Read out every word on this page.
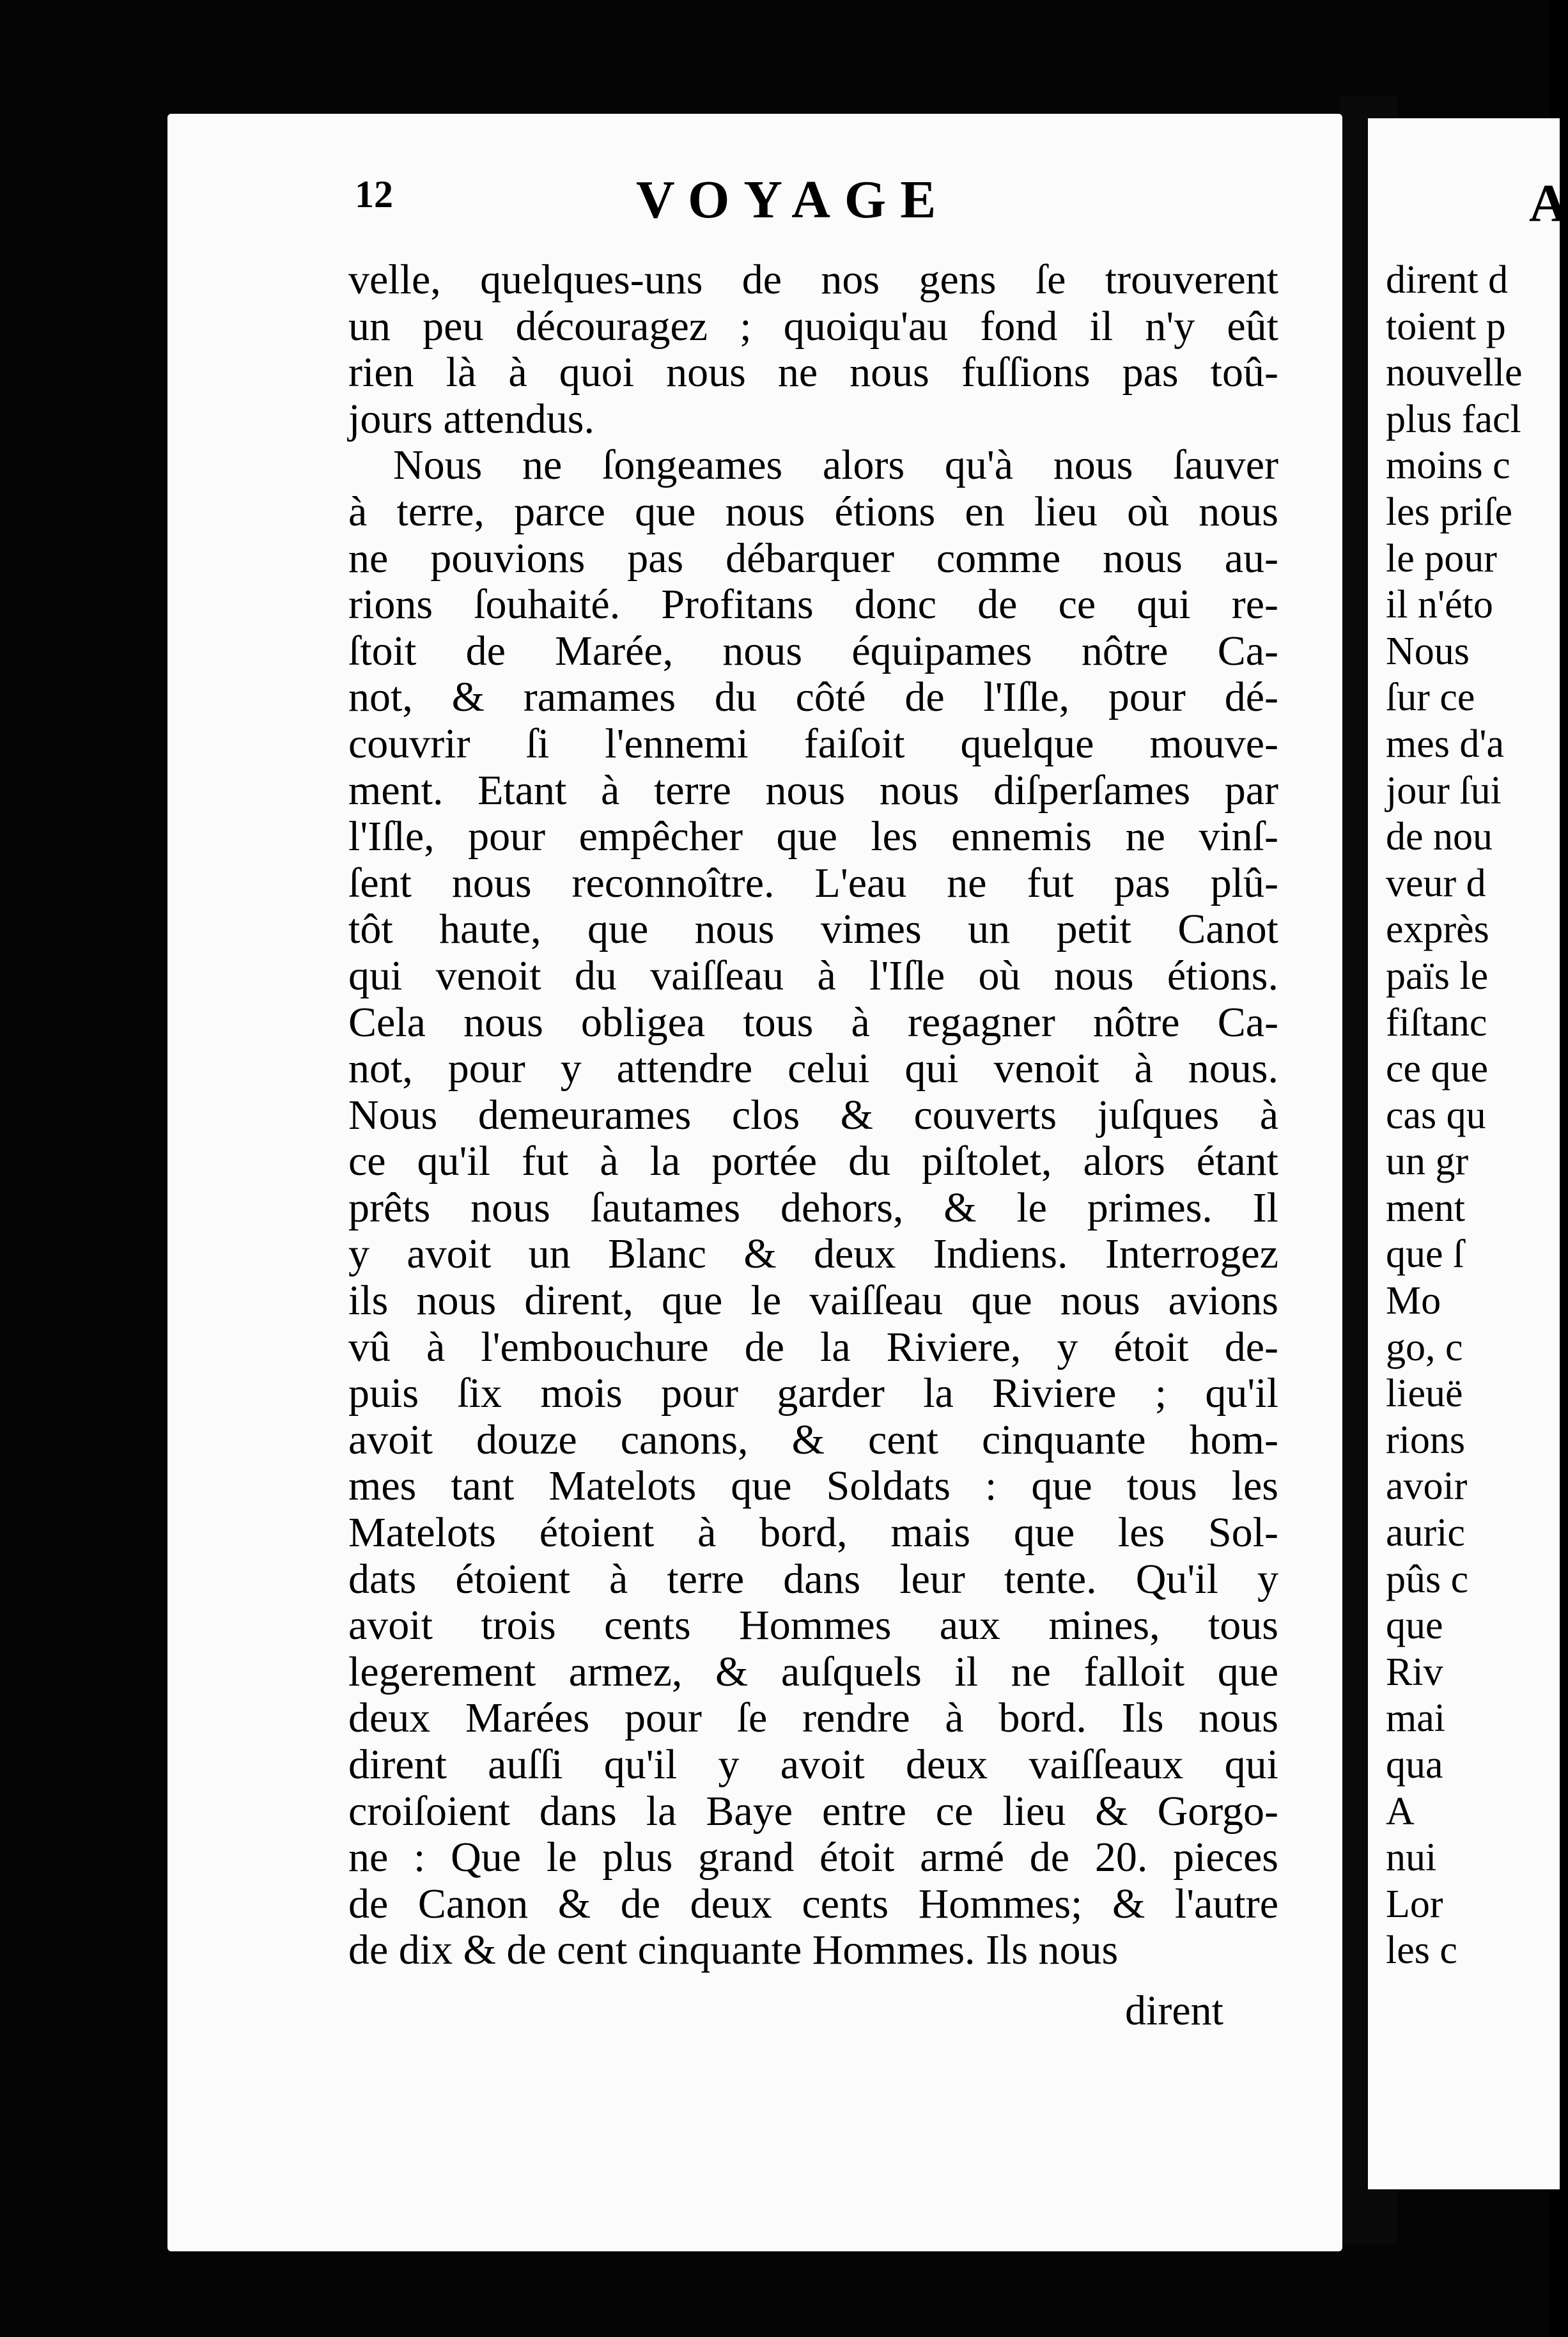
12	VOYAGE
velle, quelques-uns de nos gens ſe trouverent
un peu découragez ; quoiqu'au fond il n'y eût
rien là à quoi nous ne nous fuſſions pas toû-
jours attendus.
Nous ne ſongeames alors qu'à nous ſauver
à terre, parce que nous étions en lieu où nous
ne pouvions pas débarquer comme nous au-
rions ſouhaité. Profitans donc de ce qui re-
ſtoit de Marée, nous équipames nôtre Ca-
not, & ramames du côté de l'Iſle, pour dé-
couvrir ſi l'ennemi faiſoit quelque mouve-
ment. Etant à terre nous nous diſperſames par
l'Iſle, pour empêcher que les ennemis ne vinſ-
ſent nous reconnoître. L'eau ne fut pas plû-
tôt haute, que nous vimes un petit Canot
qui venoit du vaiſſeau à l'Iſle où nous étions.
Cela nous obligea tous à regagner nôtre Ca-
not, pour y attendre celui qui venoit à nous.
Nous demeurames clos & couverts juſques à
ce qu'il fut à la portée du piſtolet, alors étant
prêts nous ſautames dehors, & le primes. Il
y avoit un Blanc & deux Indiens. Interrogez
ils nous dirent, que le vaiſſeau que nous avions
vû à l'embouchure de la Riviere, y étoit de-
puis ſix mois pour garder la Riviere ; qu'il
avoit douze canons, & cent cinquante hom-
mes tant Matelots que Soldats : que tous les
Matelots étoient à bord, mais que les Sol-
dats étoient à terre dans leur tente. Qu'il y
avoit trois cents Hommes aux mines, tous
legerement armez, & auſquels il ne falloit que
deux Marées pour ſe rendre à bord. Ils nous
dirent auſſi qu'il y avoit deux vaiſſeaux qui
croiſoient dans la Baye entre ce lieu & Gorgo-
ne : Que le plus grand étoit armé de 20. pieces
de Canon & de deux cents Hommes; & l'autre
de dix & de cent cinquante Hommes. Ils nous
dirent
A
dirent d
toient p
nouvelle
plus facl
moins c
les priſe
le pour
il n'éto
Nous
ſur ce
mes d'a
jour ſui
de nou
veur d
exprès
païs le
fiſtanc
ce que
cas qu
un gr
ment
que ſ
Mo
go, c
lieuë
rions
avoir
auric
pûs c
que
Riv
mai
qua
A
nui
Lor
les c
